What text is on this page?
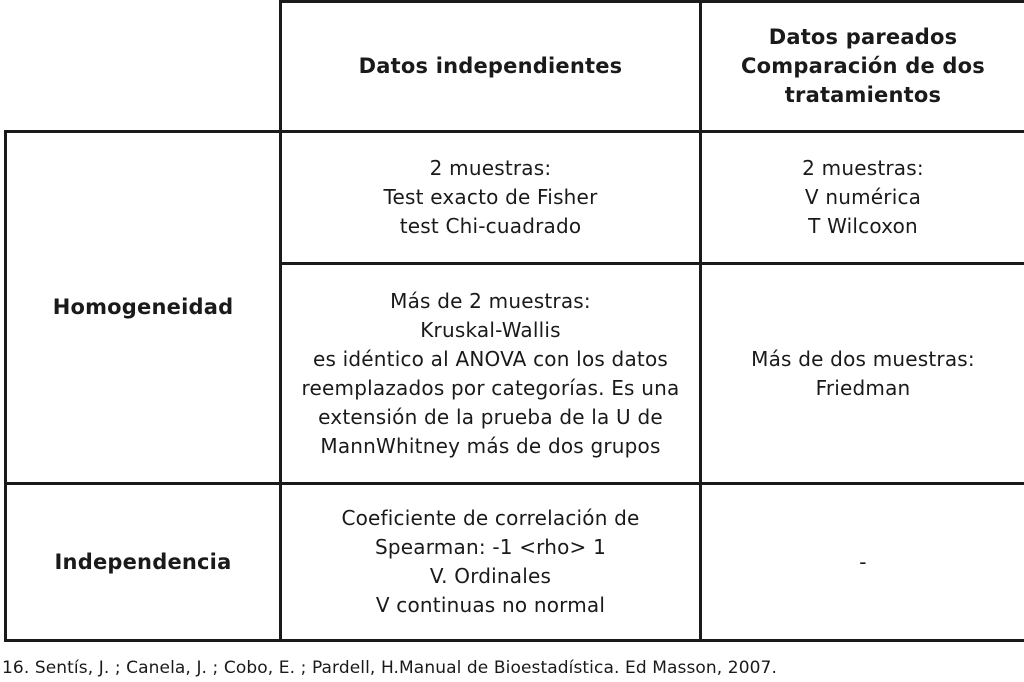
Datos independientes
Datos pareados
Comparación de dos
tratamientos
Homogeneidad
Independencia
2 muestras:
Test exacto de Fisher
test Chi-cuadrado
2 muestras:
V numérica
T Wilcoxon
Más de 2 muestras:
Kruskal-Wallis
es idéntico al ANOVA con los datos
reemplazados por categorías. Es una
extensión de la prueba de la U de
MannWhitney más de dos grupos
Más de dos muestras:
Friedman
Coeficiente de correlación de
Spearman: -1 <rho> 1
V. Ordinales
V continuas no normal
-
16. Sentís, J. ; Canela, J. ; Cobo, E. ; Pardell, H.Manual de Bioestadística. Ed Masson, 2007.
